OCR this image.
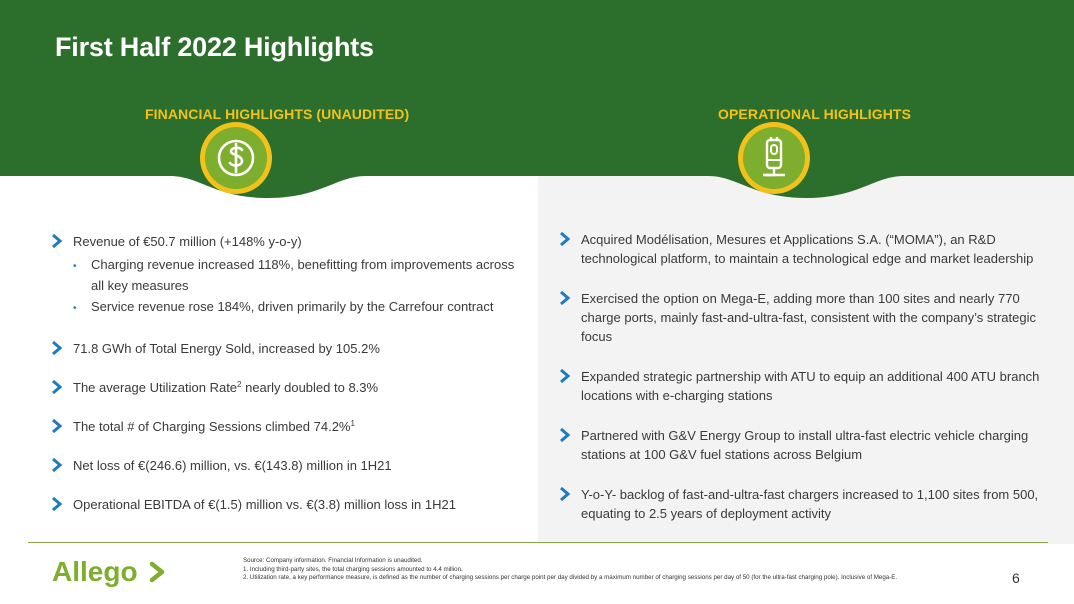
First Half 2022 Highlights
FINANCIAL HIGHLIGHTS (UNAUDITED)	OPERATIONAL HIGHLIGHTS
Revenue of €50.7 million (+148% y-o-y)
• Charging revenue increased 118%, benefitting from improvements across all key measures
• Service revenue rose 184%, driven primarily by the Carrefour contract
71.8 GWh of Total Energy Sold, increased by 105.2%
The average Utilization Rate$^2$ nearly doubled to 8.3%
The total # of Charging Sessions climbed 74.2%$^1$
Net loss of €(246.6) million, vs. €(143.8) million in 1H21
Operational EBITDA of €(1.5) million vs. €(3.8) million loss in 1H21
Acquired Modélisation, Mesures et Applications S.A. (“MOMA”), an R&D technological platform, to maintain a technological edge and market leadership
Exercised the option on Mega-E, adding more than 100 sites and nearly 770 charge ports, mainly fast-and-ultra-fast, consistent with the company’s strategic focus
Expanded strategic partnership with ATU to equip an additional 400 ATU branch locations with e-charging stations
Partnered with G&V Energy Group to install ultra-fast electric vehicle charging stations at 100 G&V fuel stations across Belgium
Y-o-Y- backlog of fast-and-ultra-fast chargers increased to 1,100 sites from 500, equating to 2.5 years of deployment activity
Allego	Source: Company information. Financial Information is unaudited.
1. Including third-party sites, the total charging sessions amounted to 4.4 million.
2. Utilization rate, a key performance measure, is defined as the number of charging sessions per charge point per day divided by a maximum number of charging sessions per day of 50 (for the ultra-fast charging pole). Inclusive of Mega-E.	6
